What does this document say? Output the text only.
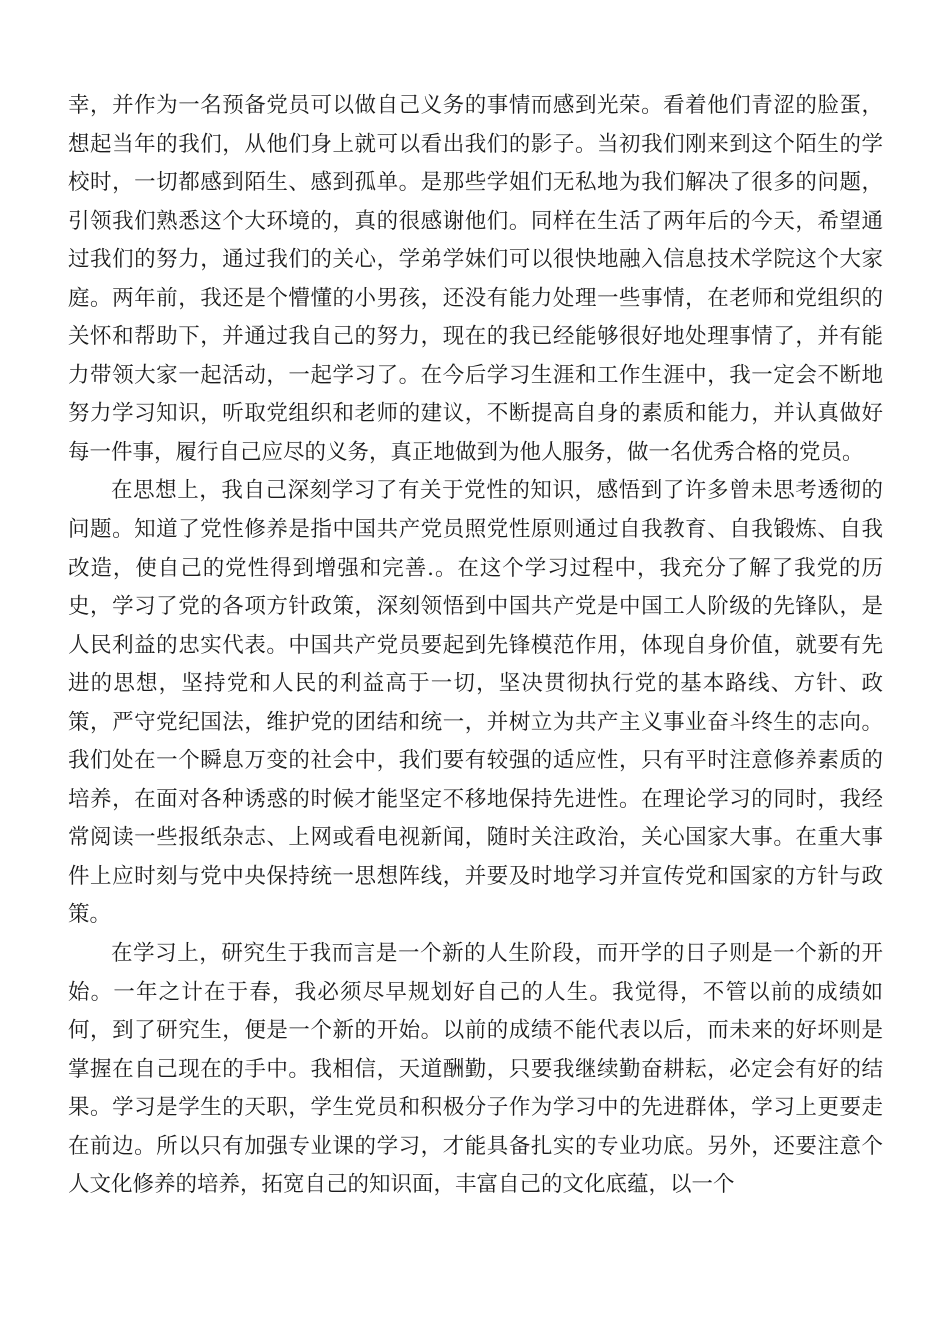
幸，并作为一名预备党员可以做自己义务的事情而感到光荣。看着他们青涩的脸蛋，想起当年的我们，从他们身上就可以看出我们的影子。当初我们刚来到这个陌生的学校时，一切都感到陌生、感到孤单。是那些学姐们无私地为我们解决了很多的问题，引领我们熟悉这个大环境的，真的很感谢他们。同样在生活了两年后的今天，希望通过我们的努力，通过我们的关心，学弟学妹们可以很快地融入信息技术学院这个大家庭。两年前，我还是个懵懂的小男孩，还没有能力处理一些事情，在老师和党组织的关怀和帮助下，并通过我自己的努力，现在的我已经能够很好地处理事情了，并有能力带领大家一起活动，一起学习了。在今后学习生涯和工作生涯中，我一定会不断地努力学习知识，听取党组织和老师的建议，不断提高自身的素质和能力，并认真做好每一件事，履行自己应尽的义务，真正地做到为他人服务，做一名优秀合格的党员。

在思想上，我自己深刻学习了有关于党性的知识，感悟到了许多曾未思考透彻的问题。知道了党性修养是指中国共产党员照党性原则通过自我教育、自我锻炼、自我改造，使自己的党性得到增强和完善.。在这个学习过程中，我充分了解了我党的历史，学习了党的各项方针政策，深刻领悟到中国共产党是中国工人阶级的先锋队，是人民利益的忠实代表。中国共产党员要起到先锋模范作用，体现自身价值，就要有先进的思想，坚持党和人民的利益高于一切，坚决贯彻执行党的基本路线、方针、政策，严守党纪国法，维护党的团结和统一，并树立为共产主义事业奋斗终生的志向。我们处在一个瞬息万变的社会中，我们要有较强的适应性，只有平时注意修养素质的培养，在面对各种诱惑的时候才能坚定不移地保持先进性。在理论学习的同时，我经常阅读一些报纸杂志、上网或看电视新闻，随时关注政治，关心国家大事。在重大事件上应时刻与党中央保持统一思想阵线，并要及时地学习并宣传党和国家的方针与政策。

在学习上，研究生于我而言是一个新的人生阶段，而开学的日子则是一个新的开始。一年之计在于春，我必须尽早规划好自己的人生。我觉得，不管以前的成绩如何，到了研究生，便是一个新的开始。以前的成绩不能代表以后，而未来的好坏则是掌握在自己现在的手中。我相信，天道酬勤，只要我继续勤奋耕耘，必定会有好的结果。学习是学生的天职，学生党员和积极分子作为学习中的先进群体，学习上更要走在前边。所以只有加强专业课的学习，才能具备扎实的专业功底。另外，还要注意个人文化修养的培养，拓宽自己的知识面，丰富自己的文化底蕴，以一个
